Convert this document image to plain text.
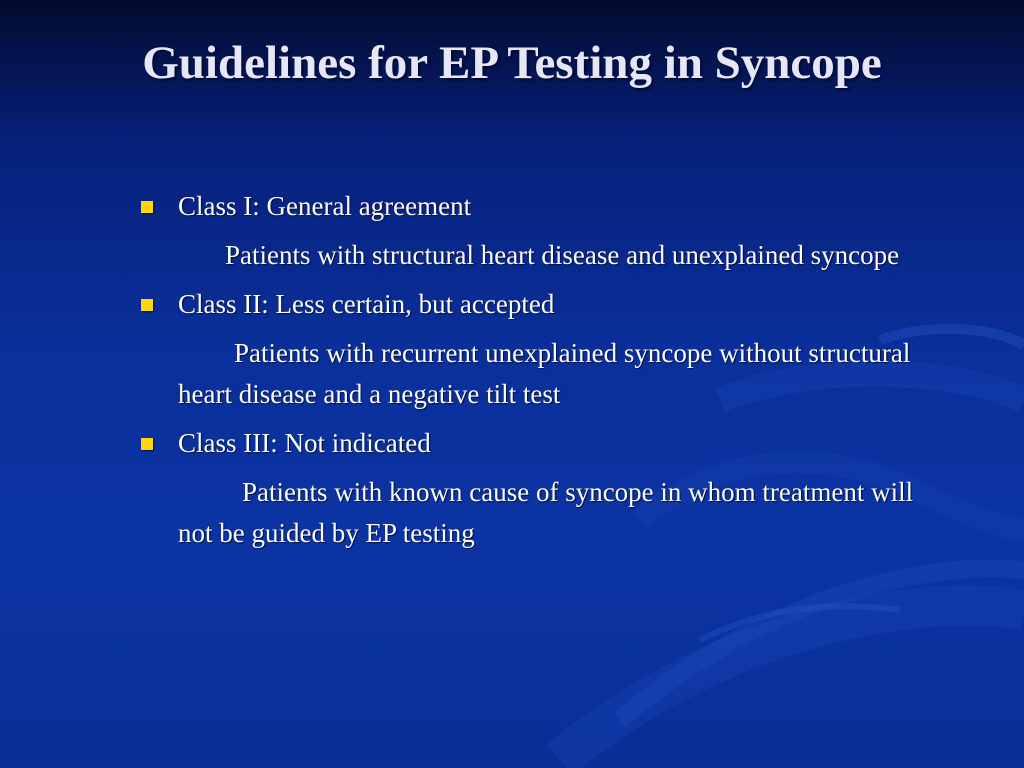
Guidelines for EP Testing in Syncope
Class I: General agreement

Patients with structural heart disease and unexplained syncope

Class II: Less certain, but accepted

Patients with recurrent unexplained syncope without structural heart disease and a negative tilt test

Class III: Not indicated

Patients with known cause of syncope in whom treatment will not be guided by EP testing
